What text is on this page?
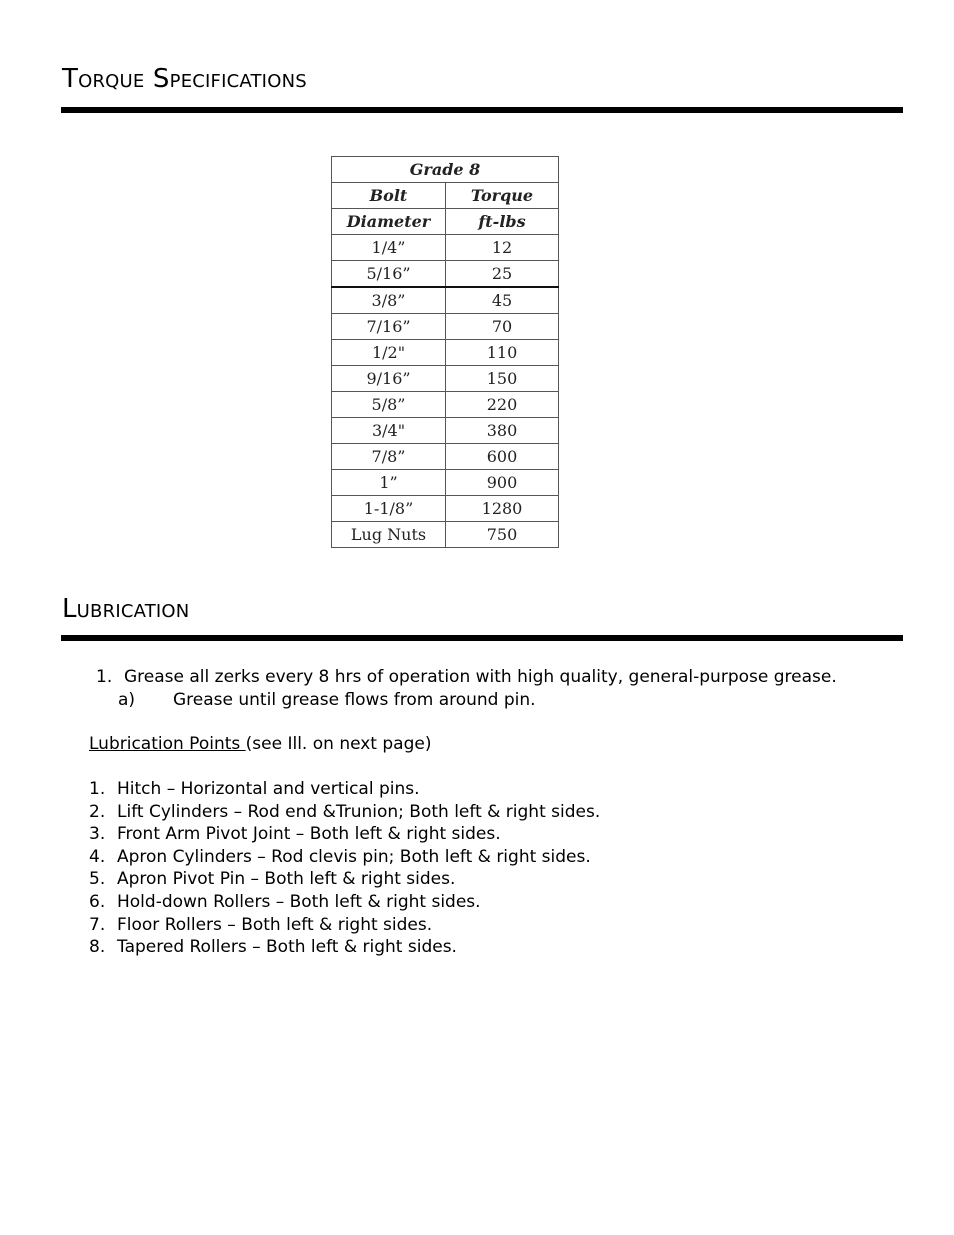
Torque Specifications
Grade 8	
Bolt	Torque
Diameter	ft-lbs
1/4”	12
5/16”	25
3/8”	45
7/16”	70
1/2"	110
9/16”	150
5/8”	220
3/4"	380
7/8”	600
1”	900
1-1/8”	1280
Lug Nuts	750
Lubrication
1. Grease all zerks every 8 hrs of operation with high quality, general-purpose grease.
a) Grease until grease flows from around pin.
Lubrication Points (see Ill. on next page)
1. Hitch – Horizontal and vertical pins.
2. Lift Cylinders – Rod end &Trunion; Both left & right sides.
3. Front Arm Pivot Joint – Both left & right sides.
4. Apron Cylinders – Rod clevis pin; Both left & right sides.
5. Apron Pivot Pin – Both left & right sides.
6. Hold-down Rollers – Both left & right sides.
7. Floor Rollers – Both left & right sides.
8. Tapered Rollers – Both left & right sides.
